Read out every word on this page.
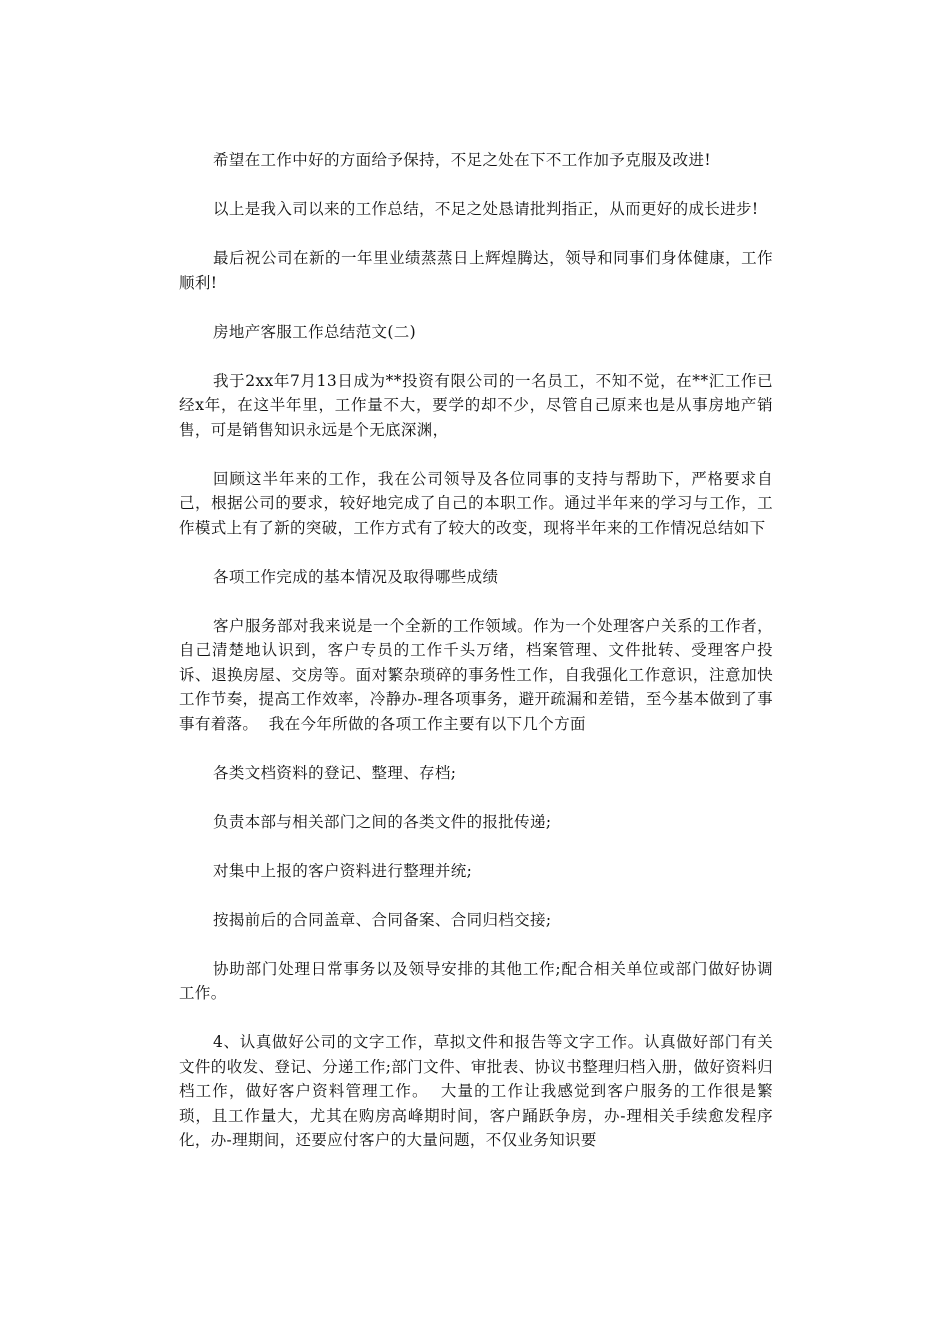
希望在工作中好的方面给予保持，不足之处在下不工作加予克服及改进!

以上是我入司以来的工作总结，不足之处恳请批判指正，从而更好的成长进步!

最后祝公司在新的一年里业绩蒸蒸日上辉煌腾达，领导和同事们身体健康，工作顺利!

房地产客服工作总结范文(二)

我于2xx年7月13日成为**投资有限公司的一名员工，不知不觉，在**汇工作已经x年，在这半年里，工作量不大，要学的却不少，尽管自己原来也是从事房地产销售，可是销售知识永远是个无底深渊，

回顾这半年来的工作，我在公司领导及各位同事的支持与帮助下，严格要求自己，根据公司的要求，较好地完成了自己的本职工作。通过半年来的学习与工作，工作模式上有了新的突破，工作方式有了较大的改变，现将半年来的工作情况总结如下

各项工作完成的基本情况及取得哪些成绩

客户服务部对我来说是一个全新的工作领域。作为一个处理客户关系的工作者，自己清楚地认识到，客户专员的工作千头万绪，档案管理、文件批转、受理客户投诉、退换房屋、交房等。面对繁杂琐碎的事务性工作，自我强化工作意识，注意加快工作节奏，提高工作效率，冷静办-理各项事务，避开疏漏和差错，至今基本做到了事事有着落。  我在今年所做的各项工作主要有以下几个方面

各类文档资料的登记、整理、存档;

负责本部与相关部门之间的各类文件的报批传递;

对集中上报的客户资料进行整理并统;

按揭前后的合同盖章、合同备案、合同归档交接;

协助部门处理日常事务以及领导安排的其他工作;配合相关单位或部门做好协调工作。

4、认真做好公司的文字工作，草拟文件和报告等文字工作。认真做好部门有关文件的收发、登记、分递工作;部门文件、审批表、协议书整理归档入册，做好资料归档工作，做好客户资料管理工作。  大量的工作让我感觉到客户服务的工作很是繁琐，且工作量大，尤其在购房高峰期时间，客户踊跃争房，办-理相关手续愈发程序化，办-理期间，还要应付客户的大量问题，不仅业务知识要
